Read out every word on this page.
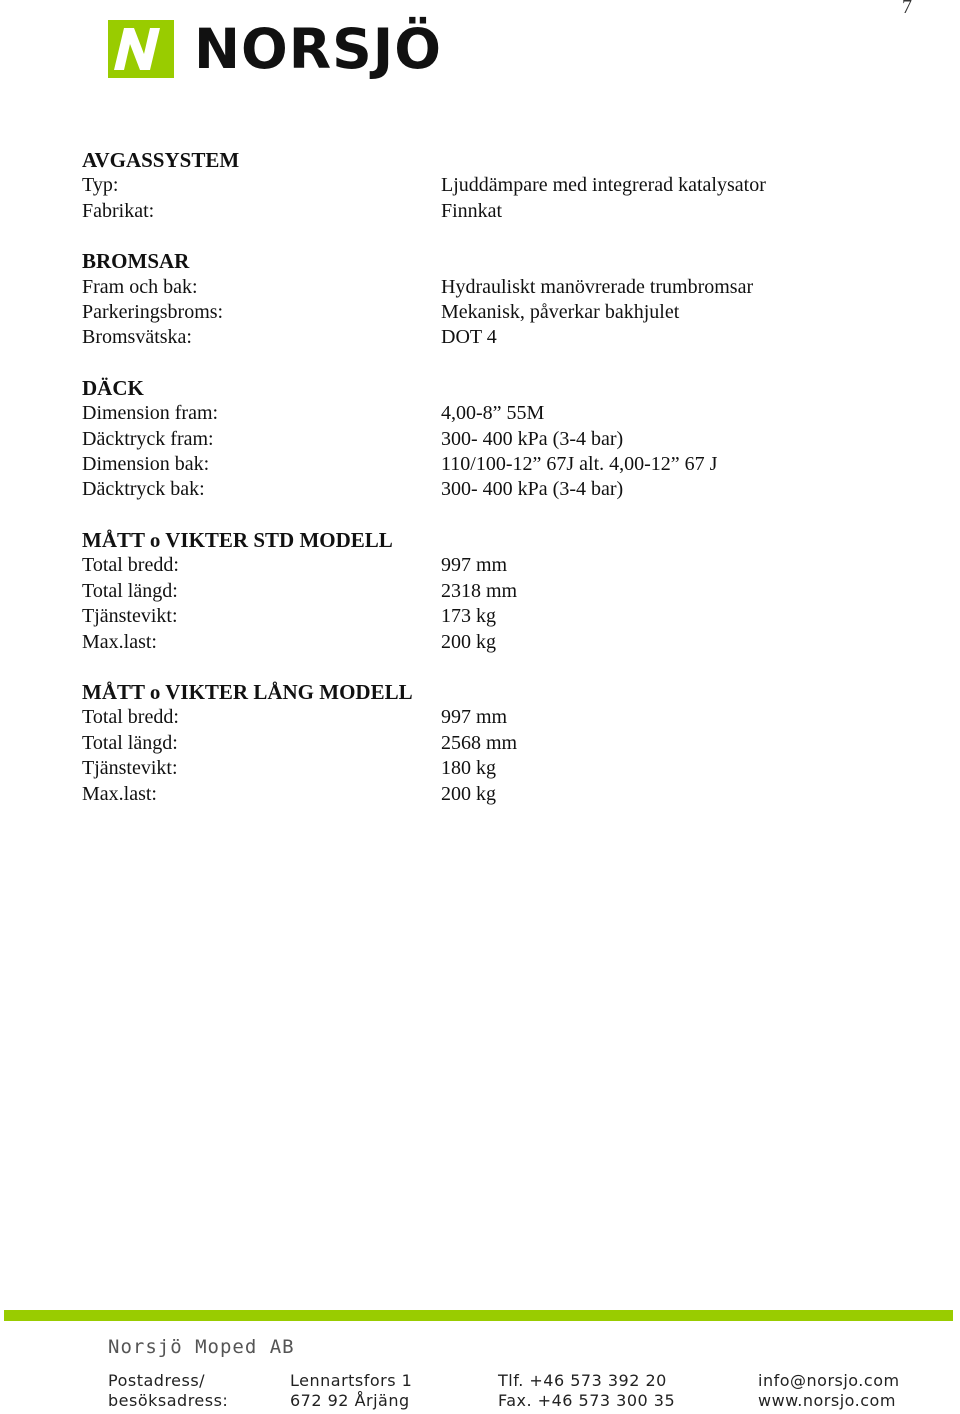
7
NORSJÖ
AVGASSYSTEM
Typ:	Ljuddämpare med integrerad katalysator
Fabrikat:	Finnkat
BROMSAR
Fram och bak:	Hydrauliskt manövrerade trumbromsar
Parkeringsbroms:	Mekanisk, påverkar bakhjulet
Bromsvätska:	DOT 4
DÄCK
Dimension fram:	4,00-8” 55M
Däcktryck fram:	300- 400 kPa (3-4 bar)
Dimension bak:	110/100-12” 67J alt. 4,00-12” 67 J
Däcktryck bak:	300- 400 kPa (3-4 bar)
MÅTT o VIKTER STD MODELL
Total bredd:	997 mm
Total längd:	2318 mm
Tjänstevikt:	173 kg
Max.last:	200 kg
MÅTT o VIKTER LÅNG MODELL
Total bredd:	997 mm
Total längd:	2568 mm
Tjänstevikt:	180 kg
Max.last:	200 kg
Norsjö Moped AB
Postadress/
besöksadress:
Lennartsfors 1
672 92 Årjäng
Tlf. +46 573 392 20
Fax. +46 573 300 35
info@norsjo.com
www.norsjo.com
